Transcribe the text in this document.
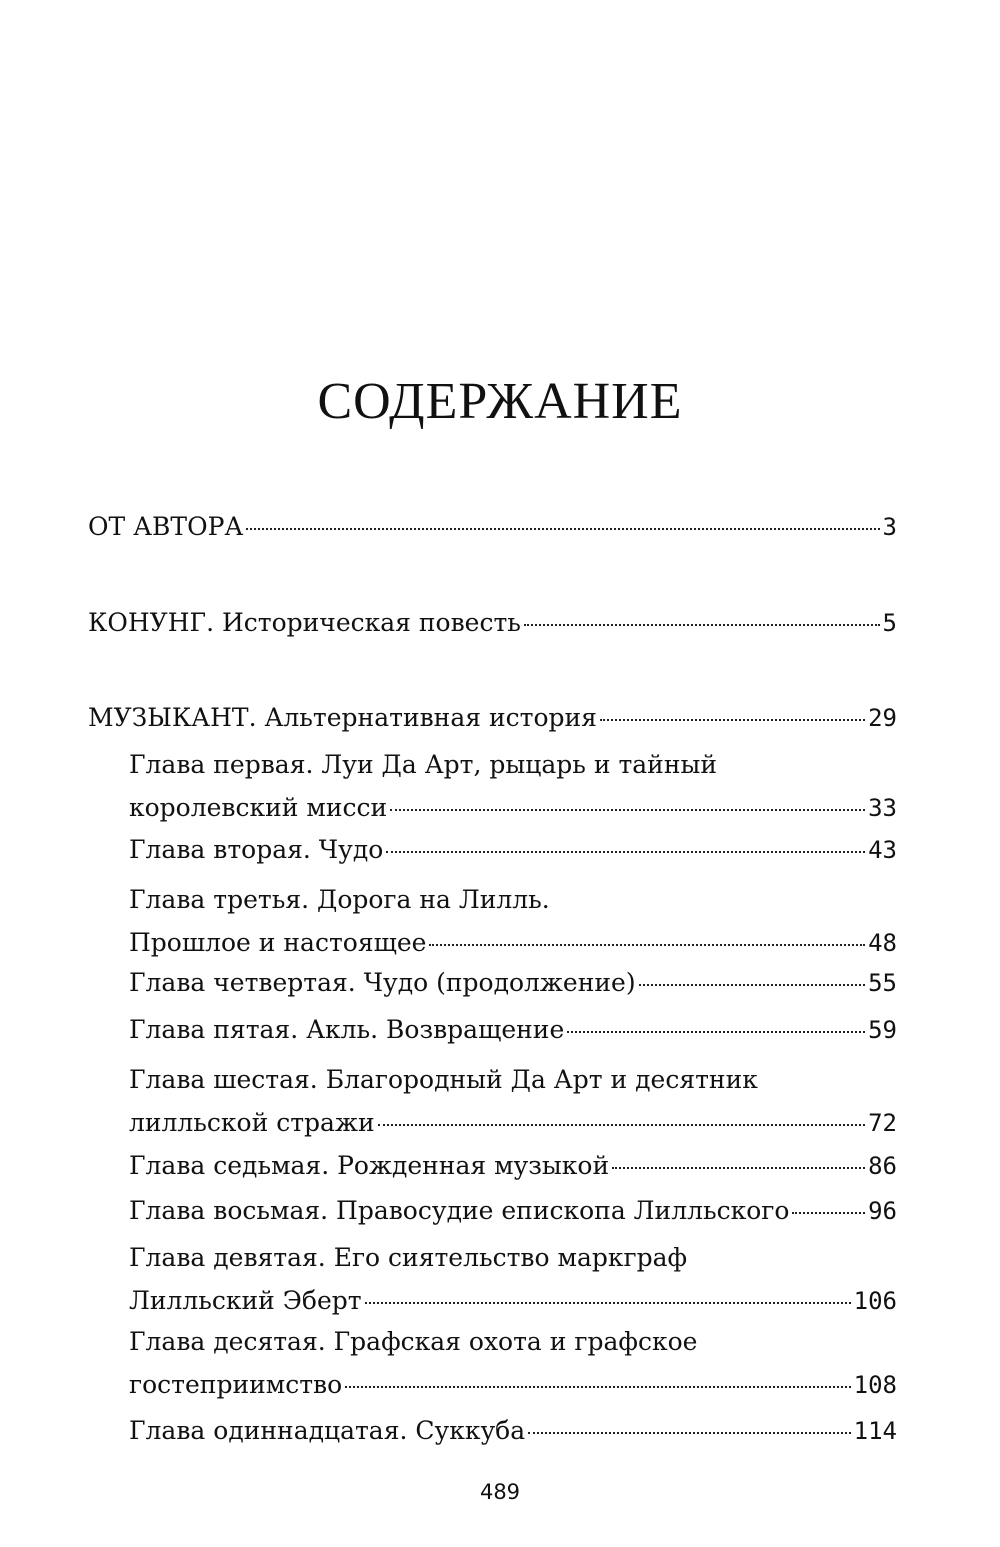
СОДЕРЖАНИЕ
ОТ АВТОРА	3
КОНУНГ. Историческая повесть	5
МУЗЫКАНТ. Альтернативная история	29
Глава первая. Луи Да Арт, рыцарь и тайный
королевский мисси	33
Глава вторая. Чудо	43
Глава третья. Дорога на Лилль.
Прошлое и настоящее	48
Глава четвертая. Чудо (продолжение)	55
Глава пятая. Акль. Возвращение	59
Глава шестая. Благородный Да Арт и десятник
лилльской стражи	72
Глава седьмая. Рожденная музыкой	86
Глава восьмая. Правосудие епископа Лилльского	96
Глава девятая. Его сиятельство маркграф
Лилльский Эберт	106
Глава десятая. Графская охота и графское
гостеприимство	108
Глава одиннадцатая. Суккуба	114
489
